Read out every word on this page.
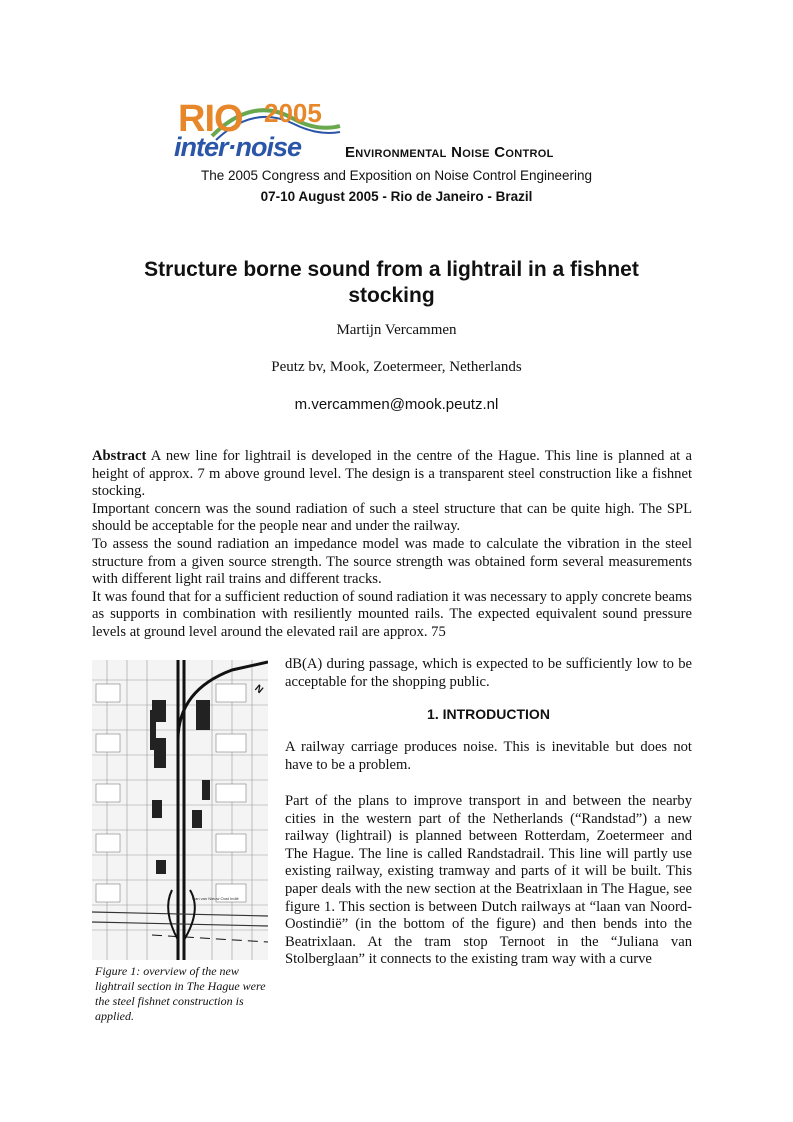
RIO 2005
inter·noise	Environmental Noise Control
The 2005 Congress and Exposition on Noise Control Engineering
07-10 August 2005 - Rio de Janeiro - Brazil
Structure borne sound from a lightrail in a fishnet
stocking
Martijn Vercammen
Peutz bv, Mook, Zoetermeer, Netherlands
m.vercammen@mook.peutz.nl

Abstract A new line for lightrail is developed in the centre of the Hague. This line is planned at a height of approx. 7 m above ground level. The design is a transparent steel construction like a fishnet stocking.

Important concern was the sound radiation of such a steel structure that can be quite high. The SPL should be acceptable for the people near and under the railway.

To assess the sound radiation an impedance model was made to calculate the vibration in the steel structure from a given source strength. The source strength was obtained form several measurements with different light rail trains and different tracks.

It was found that for a sufficient reduction of sound radiation it was necessary to apply concrete beams as supports in combination with resiliently mounted rails. The expected equivalent sound pressure levels at ground level around the elevated rail are approx. 75

N
laan van Nieuw Oost Indië
Figure 1: overview of the new lightrail section in The Hague were the steel fishnet construction is applied.

dB(A) during passage, which is expected to be sufficiently low to be acceptable for the shopping public.

1. INTRODUCTION

A railway carriage produces noise. This is inevitable but does not have to be a problem.

Part of the plans to improve transport in and between the nearby cities in the western part of the Netherlands (“Randstad”) a new railway (lightrail) is planned between Rotterdam, Zoetermeer and The Hague. The line is called Randstadrail. This line will partly use existing railway, existing tramway and parts of it will be built. This paper deals with the new section at the Beatrixlaan in The Hague, see figure 1. This section is between Dutch railways at “laan van Noord-Oostindië” (in the bottom of the figure) and then bends into the Beatrixlaan. At the tram stop Ternoot in the “Juliana van Stolberglaan” it connects to the existing tram way with a curve
